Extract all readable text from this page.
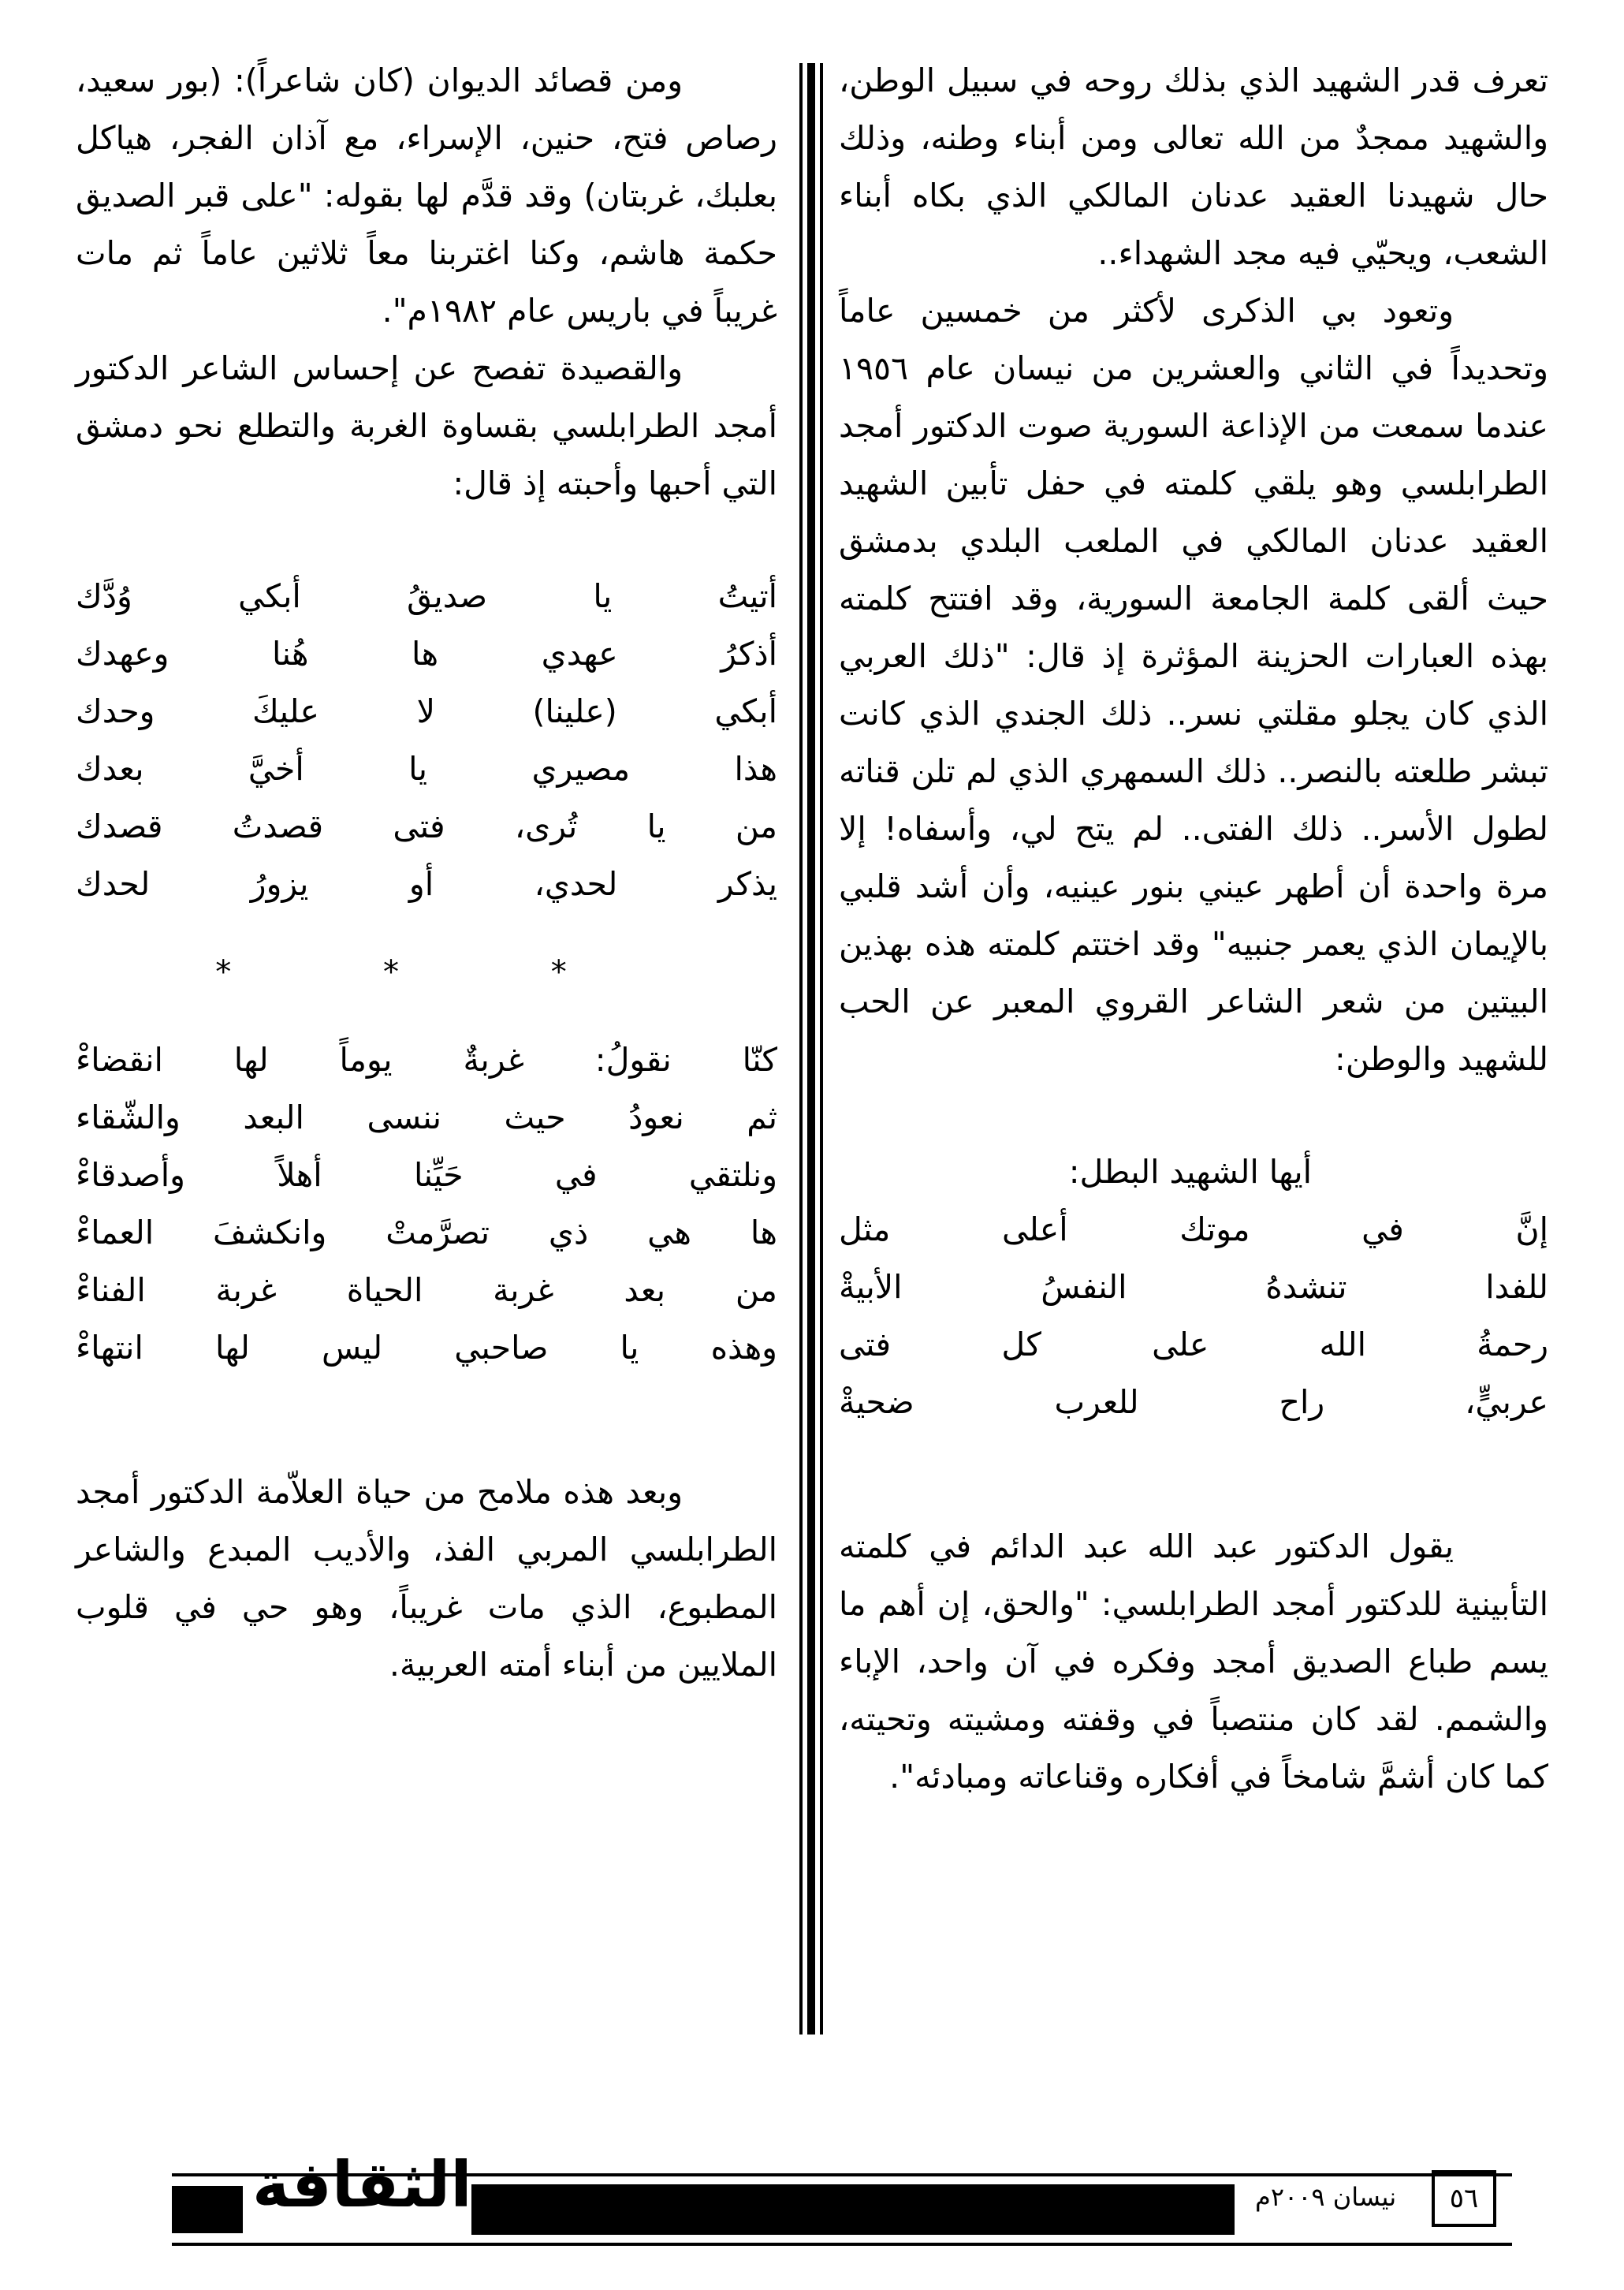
تعرف قدر الشهيد الذي بذلك روحه في سبيل الوطن، والشهيد ممجدٌ من الله تعالى ومن أبناء وطنه، وذلك حال شهيدنا العقيد عدنان المالكي الذي بكاه أبناء الشعب، ويحيّي فيه مجد الشهداء..

وتعود بي الذكرى لأكثر من خمسين عاماً وتحديداً في الثاني والعشرين من نيسان عام ١٩٥٦ عندما سمعت من الإذاعة السورية صوت الدكتور أمجد الطرابلسي وهو يلقي كلمته في حفل تأبين الشهيد العقيد عدنان المالكي في الملعب البلدي بدمشق حيث ألقى كلمة الجامعة السورية، وقد افتتح كلمته بهذه العبارات الحزينة المؤثرة إذ قال: "ذلك العربي الذي كان يجلو مقلتي نسر.. ذلك الجندي الذي كانت تبشر طلعته بالنصر.. ذلك السمهري الذي لم تلن قناته لطول الأسر.. ذلك الفتى.. لم يتح لي، وأسفاه! إلا مرة واحدة أن أطهر عيني بنور عينيه، وأن أشد قلبي بالإيمان الذي يعمر جنبيه" وقد اختتم كلمته هذه بهذين البيتين من شعر الشاعر القروي المعبر عن الحب للشهيد والوطن:

أيها الشهيد البطل:

إنَّ في موتك أعلى مثل
للفدا تنشدهُ النفسُ الأبيةْ
رحمةُ الله على كل فتى
عربيٍّ، راح للعرب ضحيةْ

يقول الدكتور عبد الله عبد الدائم في كلمته التأبينية للدكتور أمجد الطرابلسي: "والحق، إن أهم ما يسم طباع الصديق أمجد وفكره في آن واحد، الإباء والشمم. لقد كان منتصباً في وقفته ومشيته وتحيته، كما كان أشمَّ شامخاً في أفكاره وقناعاته ومبادئه".

ومن قصائد الديوان (كان شاعراً): (بور سعيد، رصاص فتح، حنين، الإسراء، مع آذان الفجر، هياكل بعلبك، غربتان) وقد قدَّم لها بقوله: "على قبر الصديق حكمة هاشم، وكنا اغتربنا معاً ثلاثين عاماً ثم مات غريباً في باريس عام ١٩٨٢م".

والقصيدة تفصح عن إحساس الشاعر الدكتور أمجد الطرابلسي بقساوة الغربة والتطلع نحو دمشق التي أحبها وأحبته إذ قال:

أتيتُ يا صديقُ أبكي وُدَّك
أذكرُ عهدي ها هُنا وعهدك
أبكي (علينا) لا عليكَ وحدك
هذا مصيري يا أخيَّ بعدك
من يا تُرى، فتى قصدتُ قصدك
يذكر لحدي، أو يزورُ لحدك
* * *
كنّا نقولُ: غربةٌ يوماً لها انقضاءْ
ثم نعودُ حيث ننسى البعد والشّقاء
ونلتقي في حَيِّنا أهلاً وأصدقاءْ
ها هي ذي تصرَّمتْ وانكشفَ العماءْ
من بعد غربة الحياة غربة الفناءْ
وهذه يا صاحبي ليس لها انتهاءْ

وبعد هذه ملامح من حياة العلاّمة الدكتور أمجد الطرابلسي المربي الفذ، والأديب المبدع والشاعر المطبوع، الذي مات غريباً، وهو حي في قلوب الملايين من أبناء أمته العربية.

الثقافة	نيسان ٢٠٠٩م	٥٦
